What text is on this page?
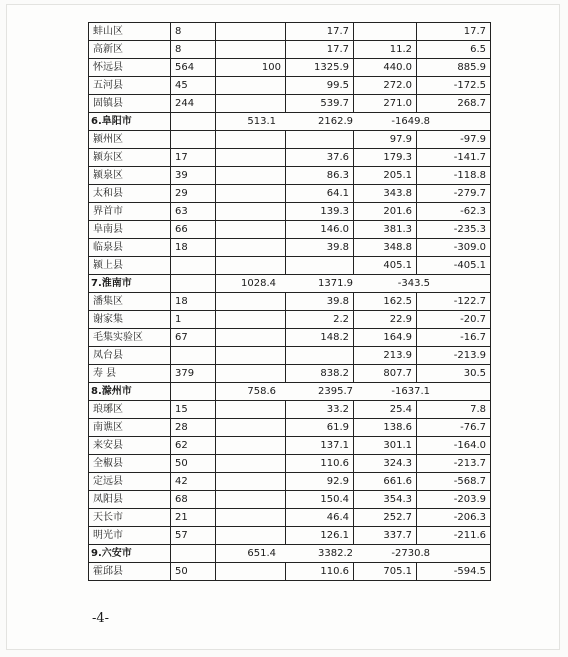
蚌山区	8		17.7		17.7
高新区	8		17.7	11.2	6.5
怀远县	564	100	1325.9	440.0	885.9
五河县	45		99.5	272.0	-172.5
固镇县	244		539.7	271.0	268.7
6.阜阳市		513.1 2162.9 -1649.8			
颍州区				97.9	-97.9
颍东区	17		37.6	179.3	-141.7
颍泉区	39		86.3	205.1	-118.8
太和县	29		64.1	343.8	-279.7
界首市	63		139.3	201.6	-62.3
阜南县	66		146.0	381.3	-235.3
临泉县	18		39.8	348.8	-309.0
颍上县				405.1	-405.1
7.淮南市		1028.4 1371.9 -343.5			
潘集区	18		39.8	162.5	-122.7
谢家集	1		2.2	22.9	-20.7
毛集实验区	67		148.2	164.9	-16.7
凤台县				213.9	-213.9
寿 县	379		838.2	807.7	30.5
8.滁州市		758.6 2395.7 -1637.1			
琅琊区	15		33.2	25.4	7.8
南谯区	28		61.9	138.6	-76.7
来安县	62		137.1	301.1	-164.0
全椒县	50		110.6	324.3	-213.7
定远县	42		92.9	661.6	-568.7
凤阳县	68		150.4	354.3	-203.9
天长市	21		46.4	252.7	-206.3
明光市	57		126.1	337.7	-211.6
9.六安市		651.4 3382.2 -2730.8			
霍邱县	50		110.6	705.1	-594.5
-4-
